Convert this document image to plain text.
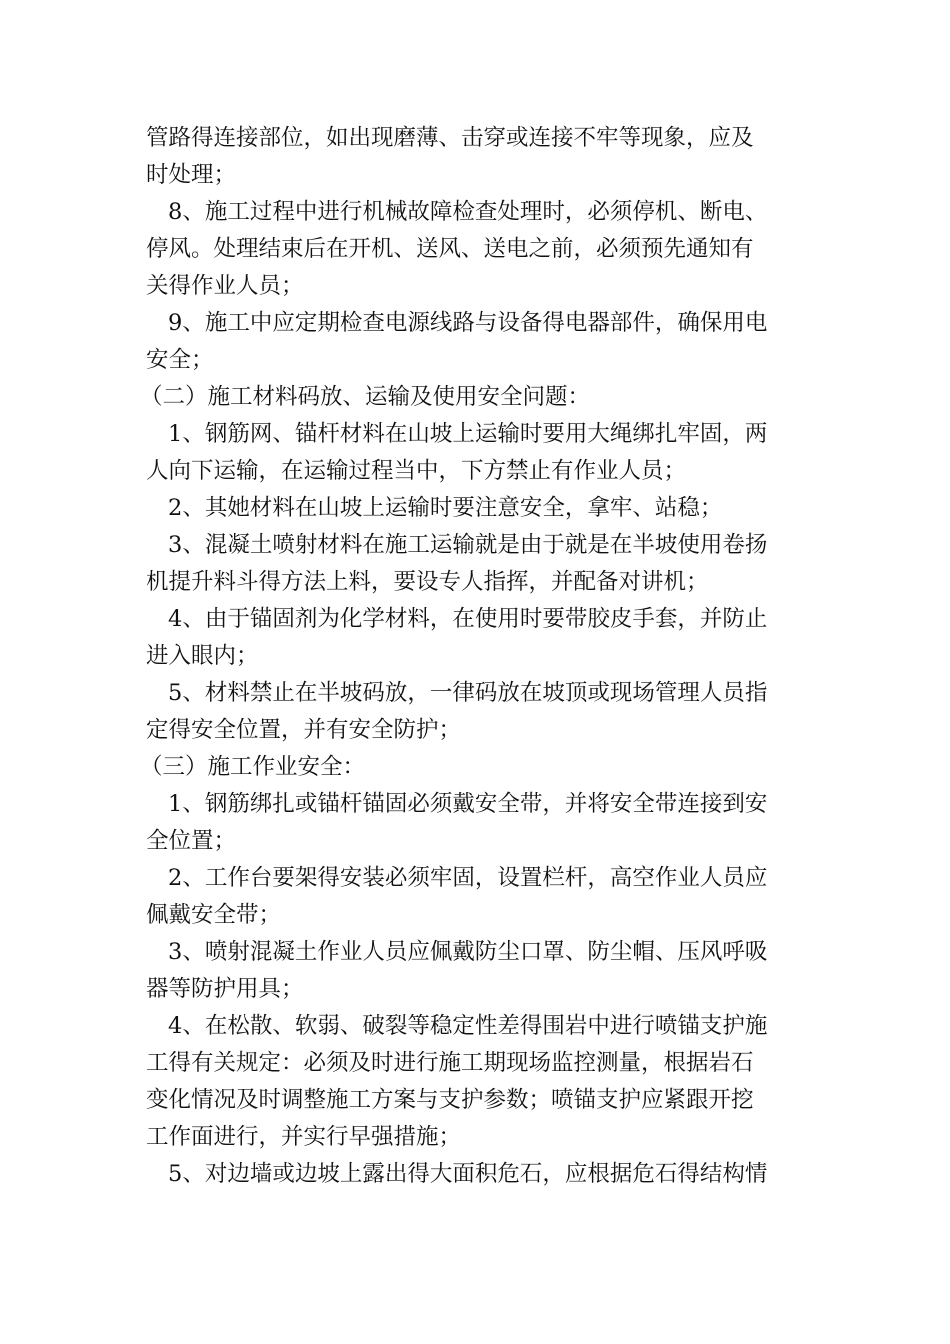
管路得连接部位，如出现磨薄、击穿或连接不牢等现象，应及
时处理；
8、施工过程中进行机械故障检查处理时，必须停机、断电、
停风。处理结束后在开机、送风、送电之前，必须预先通知有
关得作业人员；
9、施工中应定期检查电源线路与设备得电器部件，确保用电
安全；
（二）施工材料码放、运输及使用安全问题：
1、钢筋网、锚杆材料在山坡上运输时要用大绳绑扎牢固，两
人向下运输，在运输过程当中，下方禁止有作业人员；
2、其她材料在山坡上运输时要注意安全，拿牢、站稳；
3、混凝土喷射材料在施工运输就是由于就是在半坡使用卷扬
机提升料斗得方法上料，要设专人指挥，并配备对讲机；
4、由于锚固剂为化学材料，在使用时要带胶皮手套，并防止
进入眼内；
5、材料禁止在半坡码放，一律码放在坡顶或现场管理人员指
定得安全位置，并有安全防护；
（三）施工作业安全：
1、钢筋绑扎或锚杆锚固必须戴安全带，并将安全带连接到安
全位置；
2、工作台要架得安装必须牢固，设置栏杆，高空作业人员应
佩戴安全带；
3、喷射混凝土作业人员应佩戴防尘口罩、防尘帽、压风呼吸
器等防护用具；
4、在松散、软弱、破裂等稳定性差得围岩中进行喷锚支护施
工得有关规定：必须及时进行施工期现场监控测量，根据岩石
变化情况及时调整施工方案与支护参数；喷锚支护应紧跟开挖
工作面进行，并实行早强措施；
5、对边墙或边坡上露出得大面积危石，应根据危石得结构情
